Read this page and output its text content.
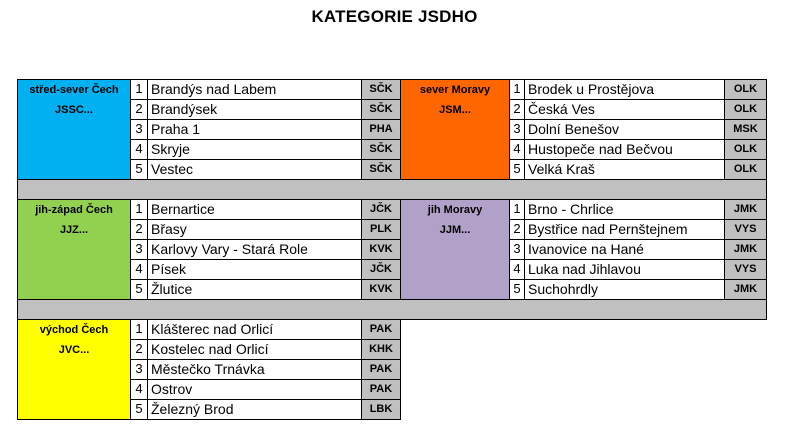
KATEGORIE JSDHO
střed-sever Čech
JSSC...
1 Brandýs nad Labem	SČK
2 Brandýsek	SČK
3 Praha 1	PHA
4 Skryje	SČK
5 Vestec	SČK
sever Moravy
JSM...
1 Brodek u Prostějova	OLK
2 Česká Ves	OLK
3 Dolní Benešov	MSK
4 Hustopeče nad Bečvou	OLK
5 Velká Kraš	OLK
jih-západ Čech
JJZ...
1 Bernartice	JČK
2 Břasy	PLK
3 Karlovy Vary - Stará Role	KVK
4 Písek	JČK
5 Žlutice	KVK
jih Moravy
JJM...
1 Brno - Chrlice	JMK
2 Bystřice nad Pernštejnem	VYS
3 Ivanovice na Hané	JMK
4 Luka nad Jihlavou	VYS
5 Suchohrdly	JMK
východ Čech
JVC...
1 Klášterec nad Orlicí	PAK
2 Kostelec nad Orlicí	KHK
3 Městečko Trnávka	PAK
4 Ostrov	PAK
5 Železný Brod	LBK
